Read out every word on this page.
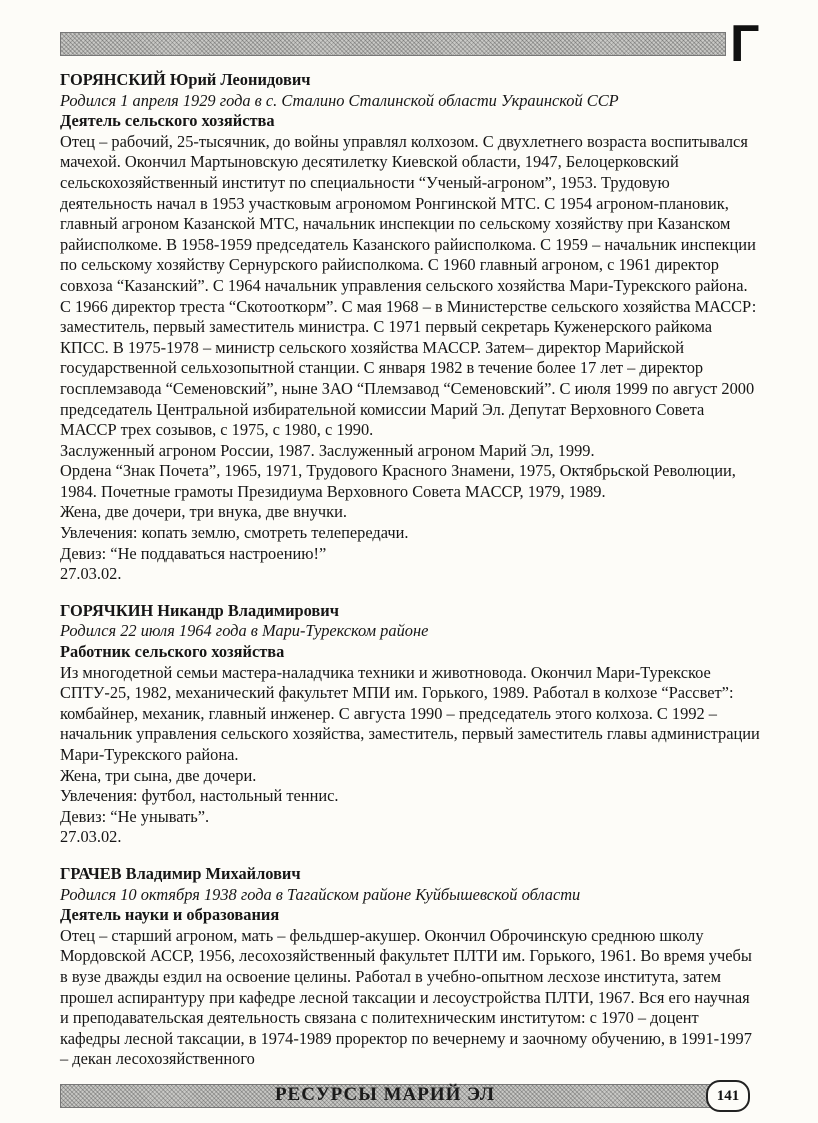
Г

ГОРЯНСКИЙ Юрий Леонидович

Родился 1 апреля 1929 года в с. Сталино Сталинской области Украинской ССР

Деятель сельского хозяйства

Отец – рабочий, 25-тысячник, до войны управлял колхозом. С двухлетнего возраста воспитывался мачехой. Окончил Мартыновскую десятилетку Киевской области, 1947, Белоцерковский сельскохозяйственный институт по специальности “Ученый-агроном”, 1953. Трудовую деятельность начал в 1953 участковым агрономом Ронгинской МТС. С 1954 агроном-плановик, главный агроном Казанской МТС, начальник инспекции по сельскому хозяйству при Казанском райисполкоме. В 1958-1959 председатель Казанского райисполкома. С 1959 – начальник инспекции по сельскому хозяйству Сернурского райисполкома. С 1960 главный агроном, с 1961 директор совхоза “Казанский”. С 1964 начальник управления сельского хозяйства Мари-Турекского района. С 1966 директор треста “Скотооткорм”. С мая 1968 – в Министерстве сельского хозяйства МАССР: заместитель, первый заместитель министра. С 1971 первый секретарь Куженерского райкома КПСС. В 1975-1978 – министр сельского хозяйства МАССР. Затем– директор Марийской государственной сельхозопытной станции. С января 1982 в течение более 17 лет – директор госплемзавода “Семеновский”, ныне ЗАО “Племзавод “Семеновский”. С июля 1999 по август 2000 председатель Центральной избирательной комиссии Марий Эл. Депутат Верховного Совета МАССР трех созывов, с 1975, с 1980, с 1990.

Заслуженный агроном России, 1987. Заслуженный агроном Марий Эл, 1999.

Ордена “Знак Почета”, 1965, 1971, Трудового Красного Знамени, 1975, Октябрьской Революции, 1984. Почетные грамоты Президиума Верховного Совета МАССР, 1979, 1989.

Жена, две дочери, три внука, две внучки.

Увлечения: копать землю, смотреть телепередачи.

Девиз: “Не поддаваться настроению!”

27.03.02.

ГОРЯЧКИН Никандр Владимирович

Родился 22 июля 1964 года в Мари-Турекском районе

Работник сельского хозяйства

Из многодетной семьи мастера-наладчика техники и животновода. Окончил Мари-Турекское СПТУ-25, 1982, механический факультет МПИ им. Горького, 1989. Работал в колхозе “Рассвет”: комбайнер, механик, главный инженер. С августа 1990 – председатель этого колхоза. С 1992 – начальник управления сельского хозяйства, заместитель, первый заместитель главы администрации Мари-Турекского района.

Жена, три сына, две дочери.

Увлечения: футбол, настольный теннис.

Девиз: “Не унывать”.

27.03.02.

ГРАЧЕВ Владимир Михайлович

Родился 10 октября 1938 года в Тагайском районе Куйбышевской области

Деятель науки и образования

Отец – старший агроном, мать – фельдшер-акушер. Окончил Оброчинскую среднюю школу Мордовской АССР, 1956, лесохозяйственный факультет ПЛТИ им. Горького, 1961. Во время учебы в вузе дважды ездил на освоение целины. Работал в учебно-опытном лесхозе института, затем прошел аспирантуру при кафедре лесной таксации и лесоустройства ПЛТИ, 1967. Вся его научная и преподавательская деятельность связана с политехническим институтом: с 1970 – доцент кафедры лесной таксации, в 1974-1989 проректор по вечернему и заочному обучению, в 1991-1997 – декан лесохозяйственного

РЕСУРСЫ МАРИЙ ЭЛ	141
